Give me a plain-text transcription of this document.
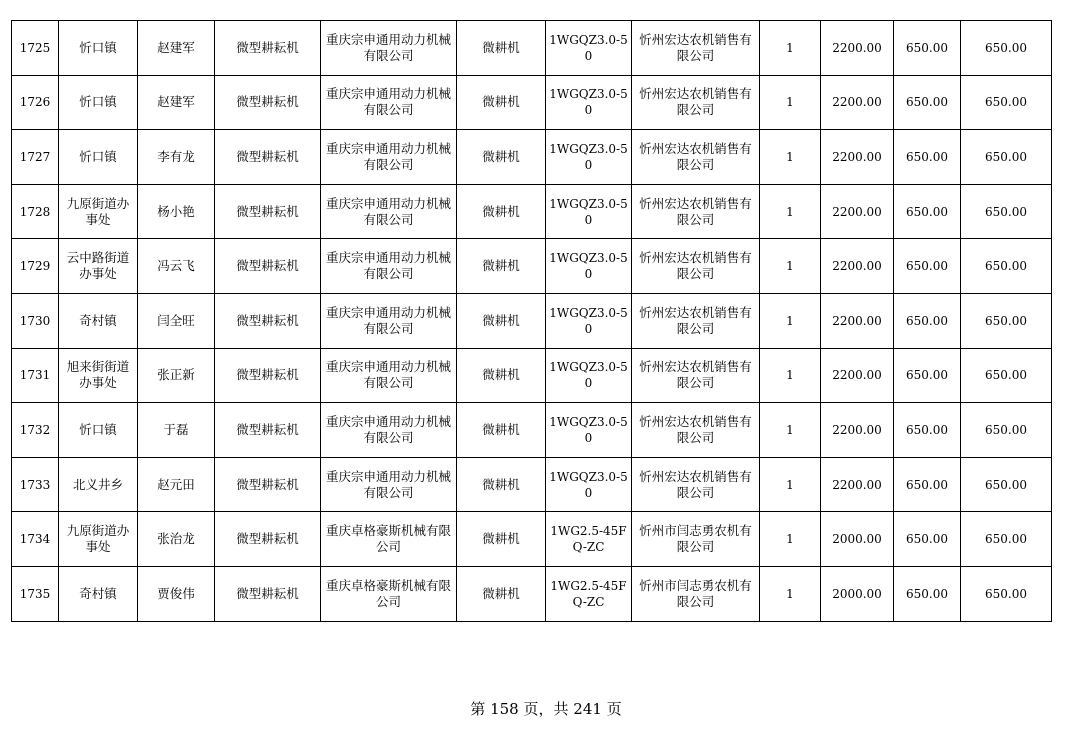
1725	忻口镇	赵建军	微型耕耘机	重庆宗申通用动力机械有限公司	微耕机	1WGQZ3.0-50	忻州宏达农机销售有限公司	1	2200.00	650.00	650.00
1726	忻口镇	赵建军	微型耕耘机	重庆宗申通用动力机械有限公司	微耕机	1WGQZ3.0-50	忻州宏达农机销售有限公司	1	2200.00	650.00	650.00
1727	忻口镇	李有龙	微型耕耘机	重庆宗申通用动力机械有限公司	微耕机	1WGQZ3.0-50	忻州宏达农机销售有限公司	1	2200.00	650.00	650.00
1728	九原街道办事处	杨小艳	微型耕耘机	重庆宗申通用动力机械有限公司	微耕机	1WGQZ3.0-50	忻州宏达农机销售有限公司	1	2200.00	650.00	650.00
1729	云中路街道办事处	冯云飞	微型耕耘机	重庆宗申通用动力机械有限公司	微耕机	1WGQZ3.0-50	忻州宏达农机销售有限公司	1	2200.00	650.00	650.00
1730	奇村镇	闫全旺	微型耕耘机	重庆宗申通用动力机械有限公司	微耕机	1WGQZ3.0-50	忻州宏达农机销售有限公司	1	2200.00	650.00	650.00
1731	旭来街街道办事处	张正新	微型耕耘机	重庆宗申通用动力机械有限公司	微耕机	1WGQZ3.0-50	忻州宏达农机销售有限公司	1	2200.00	650.00	650.00
1732	忻口镇	于磊	微型耕耘机	重庆宗申通用动力机械有限公司	微耕机	1WGQZ3.0-50	忻州宏达农机销售有限公司	1	2200.00	650.00	650.00
1733	北义井乡	赵元田	微型耕耘机	重庆宗申通用动力机械有限公司	微耕机	1WGQZ3.0-50	忻州宏达农机销售有限公司	1	2200.00	650.00	650.00
1734	九原街道办事处	张治龙	微型耕耘机	重庆卓格豪斯机械有限公司	微耕机	1WG2.5-45FQ-ZC	忻州市闫志勇农机有限公司	1	2000.00	650.00	650.00
1735	奇村镇	贾俊伟	微型耕耘机	重庆卓格豪斯机械有限公司	微耕机	1WG2.5-45FQ-ZC	忻州市闫志勇农机有限公司	1	2000.00	650.00	650.00
第 158 页，共 241 页
